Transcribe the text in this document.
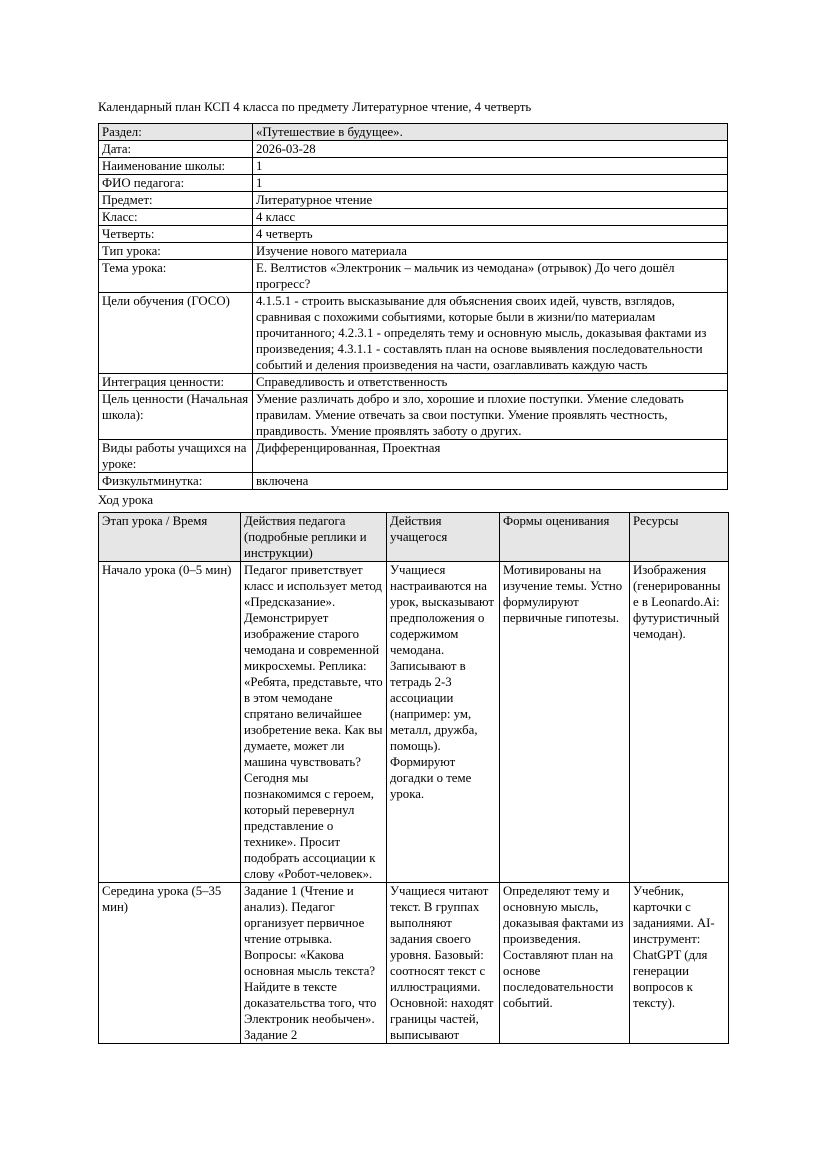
Календарный план КСП 4 класса по предмету Литературное чтение, 4 четверть

Раздел:	«Путешествие в будущее».
Дата:	2026-03-28
Наименование школы:	1
ФИО педагога:	1
Предмет:	Литературное чтение
Класс:	4 класс
Четверть:	4 четверть
Тип урока:	Изучение нового материала
Тема урока:	Е. Велтистов «Электроник – мальчик из чемодана» (отрывок) До чего дошёл прогресс?
Цели обучения (ГОСО)	4.1.5.1 - строить высказывание для объяснения своих идей, чувств, взглядов, сравнивая с похожими событиями, которые были в жизни/по материалам прочитанного; 4.2.3.1 - определять тему и основную мысль, доказывая фактами из произведения; 4.3.1.1 - составлять план на основе выявления последовательности событий и деления произведения на части, озаглавливать каждую часть
Интеграция ценности:	Справедливость и ответственность
Цель ценности (Начальная школа):	Умение различать добро и зло, хорошие и плохие поступки. Умение следовать правилам. Умение отвечать за свои поступки. Умение проявлять честность, правдивость. Умение проявлять заботу о других.
Виды работы учащихся на уроке:	Дифференцированная, Проектная
Физкультминутка:	включена

Ход урока

Этап урока / Время	Действия педагога (подробные реплики и инструкции)	Действия учащегося	Формы оценивания	Ресурсы
Начало урока (0–5 мин)	Педагог приветствует класс и использует метод «Предсказание». Демонстрирует изображение старого чемодана и современной микросхемы. Реплика: «Ребята, представьте, что в этом чемодане спрятано величайшее изобретение века. Как вы думаете, может ли машина чувствовать? Сегодня мы познакомимся с героем, который перевернул представление о технике». Просит подобрать ассоциации к слову «Робот-человек».	Учащиеся настраиваются на урок, высказывают предположения о содержимом чемодана. Записывают в тетрадь 2-3 ассоциации (например: ум, металл, дружба, помощь). Формируют догадки о теме урока.	Мотивированы на изучение темы. Устно формулируют первичные гипотезы.	Изображения (генерированные в Leonardo.Ai: футуристичный чемодан).
Середина урока (5–35 мин)	Задание 1 (Чтение и анализ). Педагог организует первичное чтение отрывка. Вопросы: «Какова основная мысль текста? Найдите в тексте доказательства того, что Электроник необычен». Задание 2	Учащиеся читают текст. В группах выполняют задания своего уровня. Базовый: соотносят текст с иллюстрациями. Основной: находят границы частей, выписывают	Определяют тему и основную мысль, доказывая фактами из произведения. Составляют план на основе последовательности событий.	Учебник, карточки с заданиями. AI-инструмент: ChatGPT (для генерации вопросов к тексту).
